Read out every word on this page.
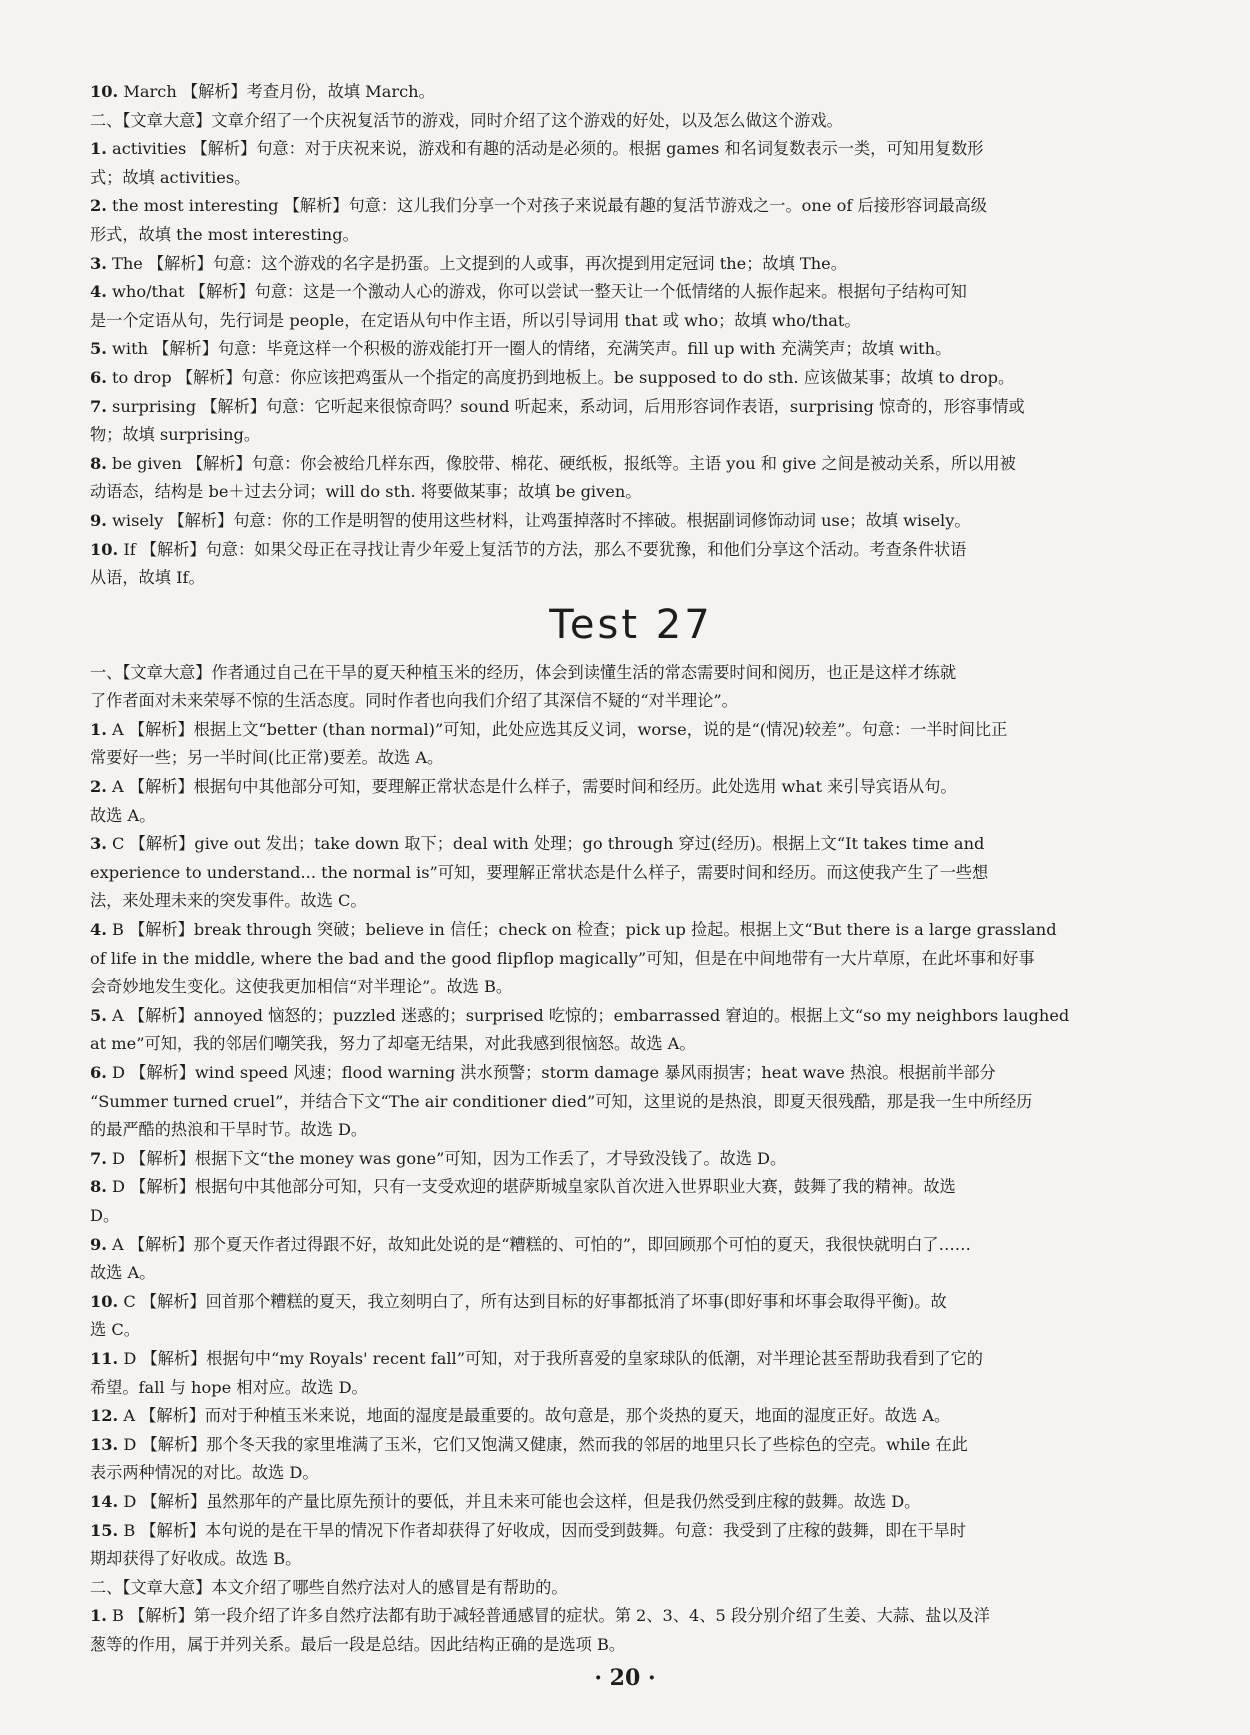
10. March 【解析】考查月份，故填 March。

二、【文章大意】文章介绍了一个庆祝复活节的游戏，同时介绍了这个游戏的好处，以及怎么做这个游戏。

1. activities 【解析】句意：对于庆祝来说，游戏和有趣的活动是必须的。根据 games 和名词复数表示一类，可知用复数形

式；故填 activities。

2. the most interesting 【解析】句意：这儿我们分享一个对孩子来说最有趣的复活节游戏之一。one of 后接形容词最高级

形式，故填 the most interesting。

3. The 【解析】句意：这个游戏的名字是扔蛋。上文提到的人或事，再次提到用定冠词 the；故填 The。

4. who/that 【解析】句意：这是一个激动人心的游戏，你可以尝试一整天让一个低情绪的人振作起来。根据句子结构可知

是一个定语从句，先行词是 people，在定语从句中作主语，所以引导词用 that 或 who；故填 who/that。

5. with 【解析】句意：毕竟这样一个积极的游戏能打开一圈人的情绪，充满笑声。fill up with 充满笑声；故填 with。

6. to drop 【解析】句意：你应该把鸡蛋从一个指定的高度扔到地板上。be supposed to do sth. 应该做某事；故填 to drop。

7. surprising 【解析】句意：它听起来很惊奇吗？sound 听起来，系动词，后用形容词作表语，surprising 惊奇的，形容事情或

物；故填 surprising。

8. be given 【解析】句意：你会被给几样东西，像胶带、棉花、硬纸板，报纸等。主语 you 和 give 之间是被动关系，所以用被

动语态，结构是 be＋过去分词；will do sth. 将要做某事；故填 be given。

9. wisely 【解析】句意：你的工作是明智的使用这些材料，让鸡蛋掉落时不摔破。根据副词修饰动词 use；故填 wisely。

10. If 【解析】句意：如果父母正在寻找让青少年爱上复活节的方法，那么不要犹豫，和他们分享这个活动。考查条件状语

从语，故填 If。

Test 27

一、【文章大意】作者通过自己在干旱的夏天种植玉米的经历，体会到读懂生活的常态需要时间和阅历，也正是这样才练就

了作者面对未来荣辱不惊的生活态度。同时作者也向我们介绍了其深信不疑的“对半理论”。

1. A 【解析】根据上文“better (than normal)”可知，此处应选其反义词，worse，说的是“(情况)较差”。句意：一半时间比正

常要好一些；另一半时间(比正常)要差。故选 A。

2. A 【解析】根据句中其他部分可知，要理解正常状态是什么样子，需要时间和经历。此处选用 what 来引导宾语从句。

故选 A。

3. C 【解析】give out 发出；take down 取下；deal with 处理；go through 穿过(经历)。根据上文“It takes time and

experience to understand... the normal is”可知，要理解正常状态是什么样子，需要时间和经历。而这使我产生了一些想

法，来处理未来的突发事件。故选 C。

4. B 【解析】break through 突破；believe in 信任；check on 检查；pick up 捡起。根据上文“But there is a large grassland

of life in the middle, where the bad and the good flipflop magically”可知，但是在中间地带有一大片草原，在此坏事和好事

会奇妙地发生变化。这使我更加相信“对半理论”。故选 B。

5. A 【解析】annoyed 恼怒的；puzzled 迷惑的；surprised 吃惊的；embarrassed 窘迫的。根据上文“so my neighbors laughed

at me”可知，我的邻居们嘲笑我，努力了却毫无结果，对此我感到很恼怒。故选 A。

6. D 【解析】wind speed 风速；flood warning 洪水预警；storm damage 暴风雨损害；heat wave 热浪。根据前半部分

“Summer turned cruel”，并结合下文“The air conditioner died”可知，这里说的是热浪，即夏天很残酷，那是我一生中所经历

的最严酷的热浪和干旱时节。故选 D。

7. D 【解析】根据下文“the money was gone”可知，因为工作丢了，才导致没钱了。故选 D。

8. D 【解析】根据句中其他部分可知，只有一支受欢迎的堪萨斯城皇家队首次进入世界职业大赛，鼓舞了我的精神。故选

D。

9. A 【解析】那个夏天作者过得跟不好，故知此处说的是“糟糕的、可怕的”，即回顾那个可怕的夏天，我很快就明白了……

故选 A。

10. C 【解析】回首那个糟糕的夏天，我立刻明白了，所有达到目标的好事都抵消了坏事(即好事和坏事会取得平衡)。故

选 C。

11. D 【解析】根据句中“my Royals' recent fall”可知，对于我所喜爱的皇家球队的低潮，对半理论甚至帮助我看到了它的

希望。fall 与 hope 相对应。故选 D。

12. A 【解析】而对于种植玉米来说，地面的湿度是最重要的。故句意是，那个炎热的夏天，地面的湿度正好。故选 A。

13. D 【解析】那个冬天我的家里堆满了玉米，它们又饱满又健康，然而我的邻居的地里只长了些棕色的空壳。while 在此

表示两种情况的对比。故选 D。

14. D 【解析】虽然那年的产量比原先预计的要低，并且未来可能也会这样，但是我仍然受到庄稼的鼓舞。故选 D。

15. B 【解析】本句说的是在干旱的情况下作者却获得了好收成，因而受到鼓舞。句意：我受到了庄稼的鼓舞，即在干旱时

期却获得了好收成。故选 B。

二、【文章大意】本文介绍了哪些自然疗法对人的感冒是有帮助的。

1. B 【解析】第一段介绍了许多自然疗法都有助于减轻普通感冒的症状。第 2、3、4、5 段分别介绍了生姜、大蒜、盐以及洋

葱等的作用，属于并列关系。最后一段是总结。因此结构正确的是选项 B。

· 20 ·
